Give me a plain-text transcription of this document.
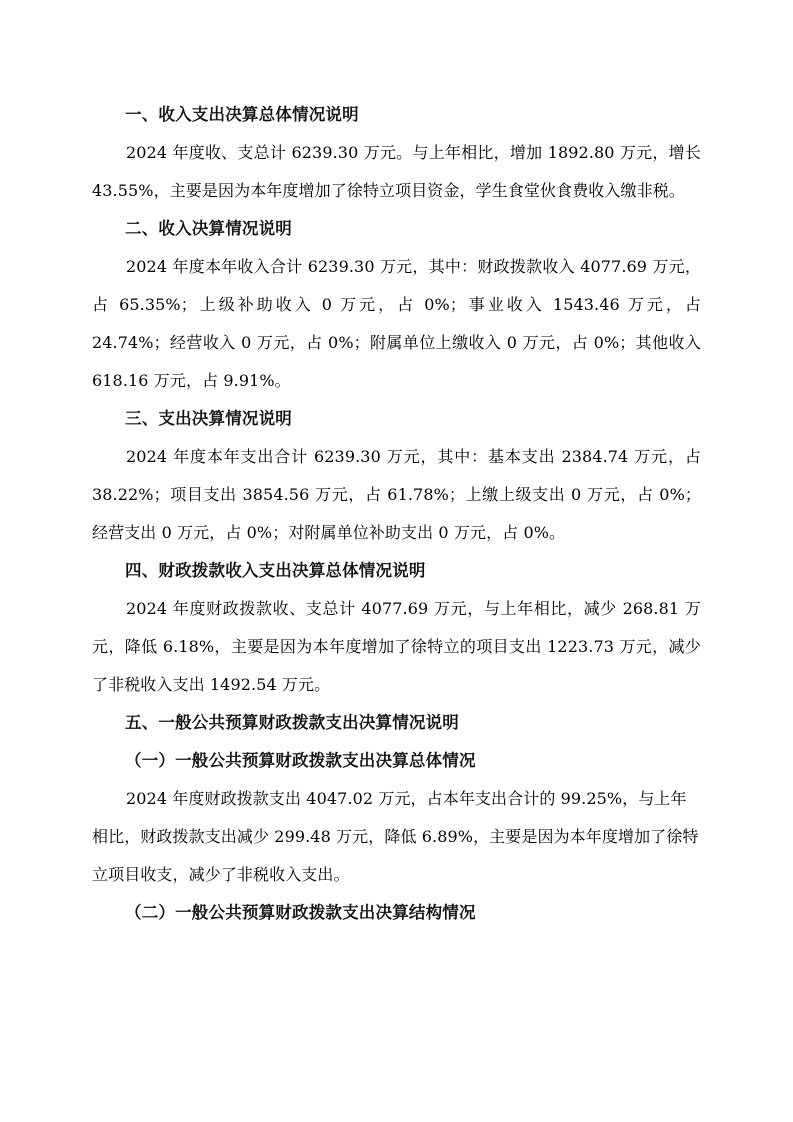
一、收入支出决算总体情况说明

2024 年度收、支总计 6239.30 万元。与上年相比，增加 1892.80 万元，增长 43.55%，主要是因为本年度增加了徐特立项目资金，学生食堂伙食费收入缴非税。

二、收入决算情况说明

2024 年度本年收入合计 6239.30 万元，其中：财政拨款收入 4077.69 万元，占 65.35%；上级补助收入 0 万元，占 0%；事业收入 1543.46 万元，占 24.74%；经营收入 0 万元，占 0%；附属单位上缴收入 0 万元，占 0%；其他收入 618.16 万元，占 9.91%。

三、支出决算情况说明

2024 年度本年支出合计 6239.30 万元，其中：基本支出 2384.74 万元，占 38.22%；项目支出 3854.56 万元，占 61.78%；上缴上级支出 0 万元，占 0%；经营支出 0 万元，占 0%；对附属单位补助支出 0 万元，占 0%。

四、财政拨款收入支出决算总体情况说明

2024 年度财政拨款收、支总计 4077.69 万元，与上年相比，减少 268.81 万元，降低 6.18%，主要是因为本年度增加了徐特立的项目支出 1223.73 万元，减少了非税收入支出 1492.54 万元。

五、一般公共预算财政拨款支出决算情况说明
（一）一般公共预算财政拨款支出决算总体情况

2024 年度财政拨款支出 4047.02 万元，占本年支出合计的 99.25%，与上年相比，财政拨款支出减少 299.48 万元，降低 6.89%，主要是因为本年度增加了徐特立项目收支，减少了非税收入支出。

（二）一般公共预算财政拨款支出决算结构情况
